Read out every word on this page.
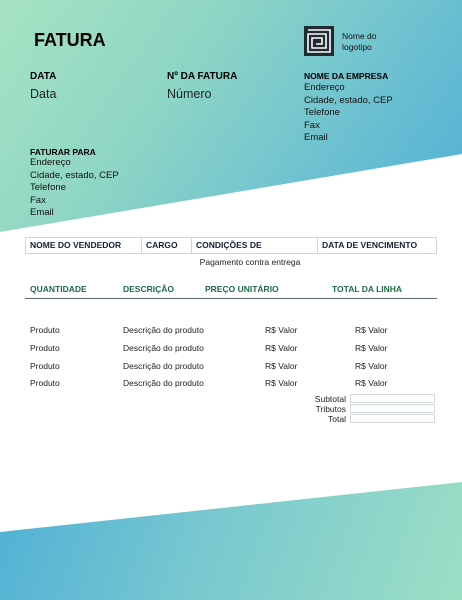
FATURA	Nome do logotipo
DATA
Data
Nº DA FATURA
Número
NOME DA EMPRESA
Endereço
Cidade, estado, CEP
Telefone
Fax
Email
FATURAR PARA
Endereço
Cidade, estado, CEP
Telefone
Fax
Email
NOME DO VENDEDOR	CARGO	CONDIÇÕES DE	DATA DE VENCIMENTO
Pagamento contra entrega
QUANTIDADE	DESCRIÇÃO	PREÇO UNITÁRIO	TOTAL DA LINHA
Produto	Descrição do produto	R$ Valor	R$ Valor
Produto	Descrição do produto	R$ Valor	R$ Valor
Produto	Descrição do produto	R$ Valor	R$ Valor
Produto	Descrição do produto	R$ Valor	R$ Valor
Subtotal
Tributos
Total
